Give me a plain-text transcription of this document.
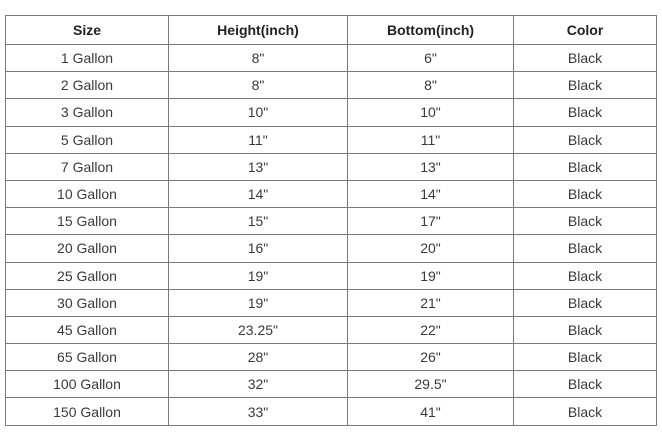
Size	Height(inch)	Bottom(inch)	Color
1 Gallon	8"	6"	Black
2 Gallon	8"	8"	Black
3 Gallon	10"	10"	Black
5 Gallon	11"	11"	Black
7 Gallon	13"	13"	Black
10 Gallon	14"	14"	Black
15 Gallon	15"	17"	Black
20 Gallon	16"	20"	Black
25 Gallon	19"	19"	Black
30 Gallon	19"	21"	Black
45 Gallon	23.25"	22"	Black
65 Gallon	28"	26"	Black
100 Gallon	32"	29.5"	Black
150 Gallon	33"	41"	Black
